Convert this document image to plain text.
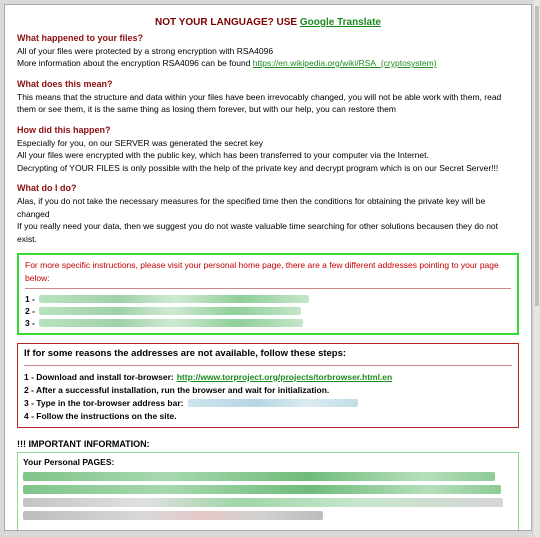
NOT YOUR LANGUAGE? USE Google Translate
What happened to your files?

All of your files were protected by a strong encryption with RSA4096

More information about the encryption RSA4096 can be found https://en.wikipedia.org/wiki/RSA_(cryptosystem)

What does this mean?

This means that the structure and data within your files have been irrevocably changed, you will not be able work with them, read them or see them, it is the same thing as losing them forever, but with our help, you can restore them

How did this happen?

Especially for you, on our SERVER was generated the secret key

All your files were encrypted with the public key, which has been transferred to your computer via the Internet.

Decrypting of YOUR FILES is only possible with the help of the private key and decrypt program which is on our Secret Server!!!

What do I do?

Alas, if you do not take the necessary measures for the specified time then the conditions for obtaining the private key will be changed

If you really need your data, then we suggest you do not waste valuable time searching for other solutions becausen they do not exist.

For more specific instructions, please visit your personal home page, there are a few different addresses pointing to your page below:
1 -
2 -
3 -
If for some reasons the addresses are not available, follow these steps:
1 - Download and install tor-browser: http://www.torproject.org/projects/torbrowser.html.en
2 - After a successful installation, run the browser and wait for initialization.
3 - Type in the tor-browser address bar:
4 - Follow the instructions on the site.
!!! IMPORTANT INFORMATION:
Your Personal PAGES:
